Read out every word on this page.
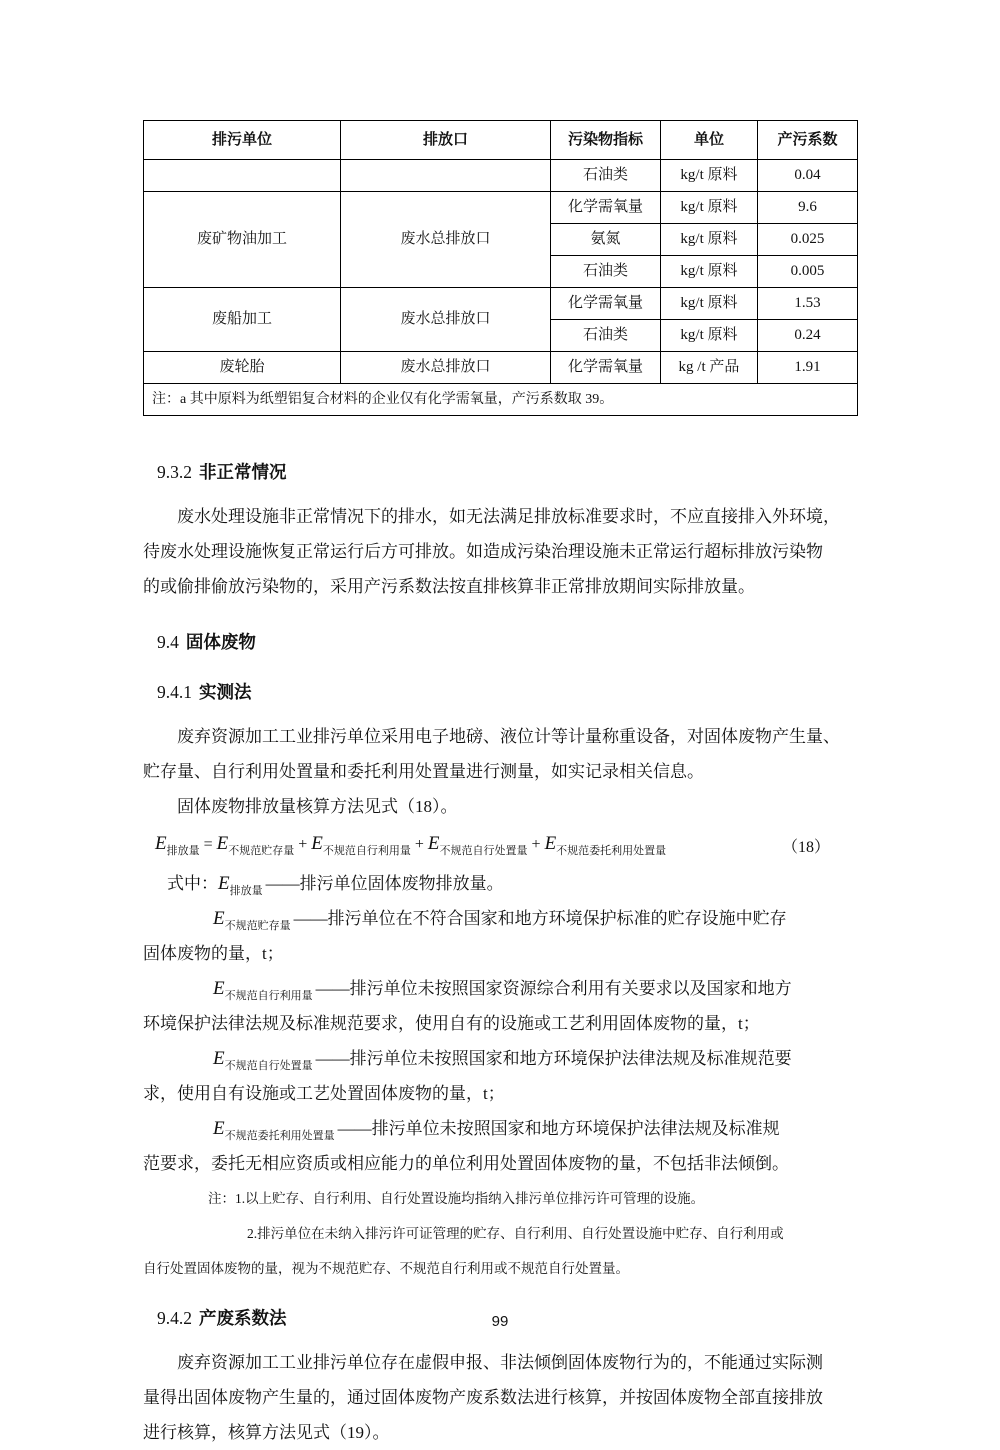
排污单位	排放口	污染物指标	单位	产污系数
		石油类	kg/t 原料	0.04
废矿物油加工	废水总排放口	化学需氧量	kg/t 原料	9.6
		氨氮	kg/t 原料	0.025
		石油类	kg/t 原料	0.005
废船加工	废水总排放口	化学需氧量	kg/t 原料	1.53
		石油类	kg/t 原料	0.24
废轮胎	废水总排放口	化学需氧量	kg /t 产品	1.91
注：a 其中原料为纸塑铝复合材料的企业仅有化学需氧量，产污系数取 39。				
9.3.2 非正常情况
废水处理设施非正常情况下的排水，如无法满足排放标准要求时，不应直接排入外环境，
待废水处理设施恢复正常运行后方可排放。如造成污染治理设施未正常运行超标排放污染物
的或偷排偷放污染物的，采用产污系数法按直排核算非正常排放期间实际排放量。
9.4 固体废物
9.4.1 实测法
废弃资源加工工业排污单位采用电子地磅、液位计等计量称重设备，对固体废物产生量、
贮存量、自行利用处置量和委托利用处置量进行测量，如实记录相关信息。
固体废物排放量核算方法见式（18）。
$E_{排放量} = E_{不规范贮存量} + E_{不规范自行利用量} + E_{不规范自行处置量} + E_{不规范委托利用处置量}$	（18）
式中：$E_{排放量}$ ——排污单位固体废物排放量。
$E_{不规范贮存量}$ ——排污单位在不符合国家和地方环境保护标准的贮存设施中贮存
固体废物的量，t；
$E_{不规范自行利用量}$ ——排污单位未按照国家资源综合利用有关要求以及国家和地方
环境保护法律法规及标准规范要求，使用自有的设施或工艺利用固体废物的量，t；
$E_{不规范自行处置量}$ ——排污单位未按照国家和地方环境保护法律法规及标准规范要
求，使用自有设施或工艺处置固体废物的量，t；
$E_{不规范委托利用处置量}$ ——排污单位未按照国家和地方环境保护法律法规及标准规
范要求，委托无相应资质或相应能力的单位利用处置固体废物的量，不包括非法倾倒。
注：1.以上贮存、自行利用、自行处置设施均指纳入排污单位排污许可管理的设施。
2.排污单位在未纳入排污许可证管理的贮存、自行利用、自行处置设施中贮存、自行利用或
自行处置固体废物的量，视为不规范贮存、不规范自行利用或不规范自行处置量。
9.4.2 产废系数法
废弃资源加工工业排污单位存在虚假申报、非法倾倒固体废物行为的，不能通过实际测
量得出固体废物产生量的，通过固体废物产废系数法进行核算，并按固体废物全部直接排放
进行核算，核算方法见式（19）。
99
